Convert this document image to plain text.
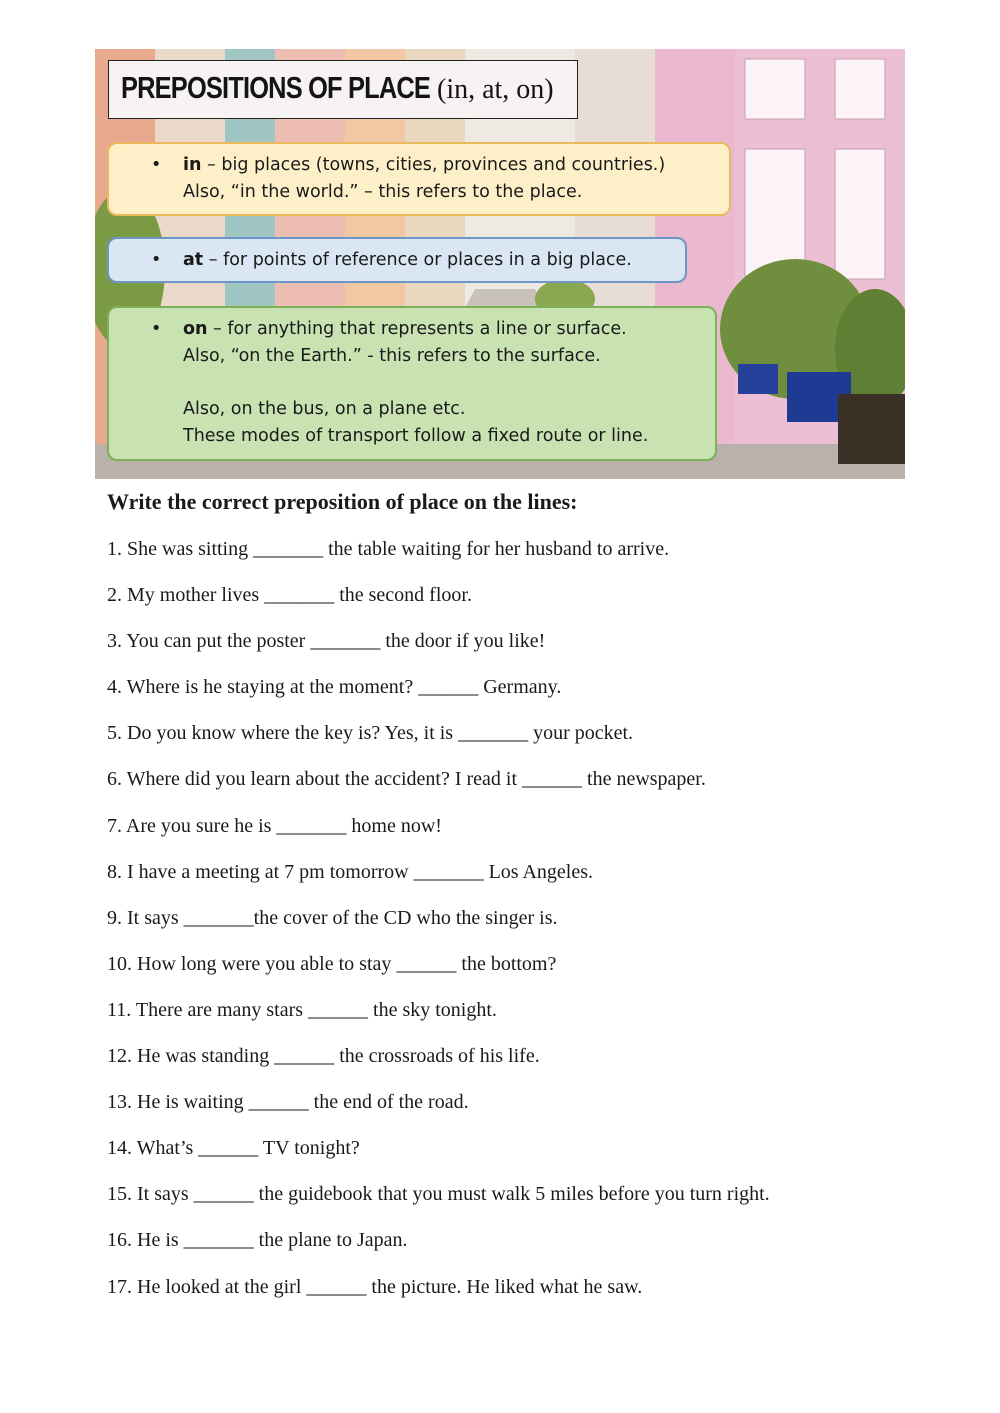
PREPOSITIONS OF PLACE (in, at, on)
• in – big places (towns, cities, provinces and countries.)
Also, “in the world.” – this refers to the place.
• at – for points of reference or places in a big place.
• on – for anything that represents a line or surface.
Also, “on the Earth.” - this refers to the surface.
Also, on the bus, on a plane etc.
These modes of transport follow a fixed route or line.
Write the correct preposition of place on the lines:
1. She was sitting _______ the table waiting for her husband to arrive.
2. My mother lives _______ the second floor.
3. You can put the poster _______ the door if you like!
4. Where is he staying at the moment? ______ Germany.
5. Do you know where the key is? Yes, it is _______ your pocket.
6. Where did you learn about the accident? I read it ______ the newspaper.
7. Are you sure he is _______ home now!
8. I have a meeting at 7 pm tomorrow _______ Los Angeles.
9. It says _______the cover of the CD who the singer is.
10. How long were you able to stay ______ the bottom?
11. There are many stars ______ the sky tonight.
12. He was standing ______ the crossroads of his life.
13. He is waiting ______ the end of the road.
14. What’s ______ TV tonight?
15. It says ______ the guidebook that you must walk 5 miles before you turn right.
16. He is _______ the plane to Japan.
17. He looked at the girl ______ the picture. He liked what he saw.
